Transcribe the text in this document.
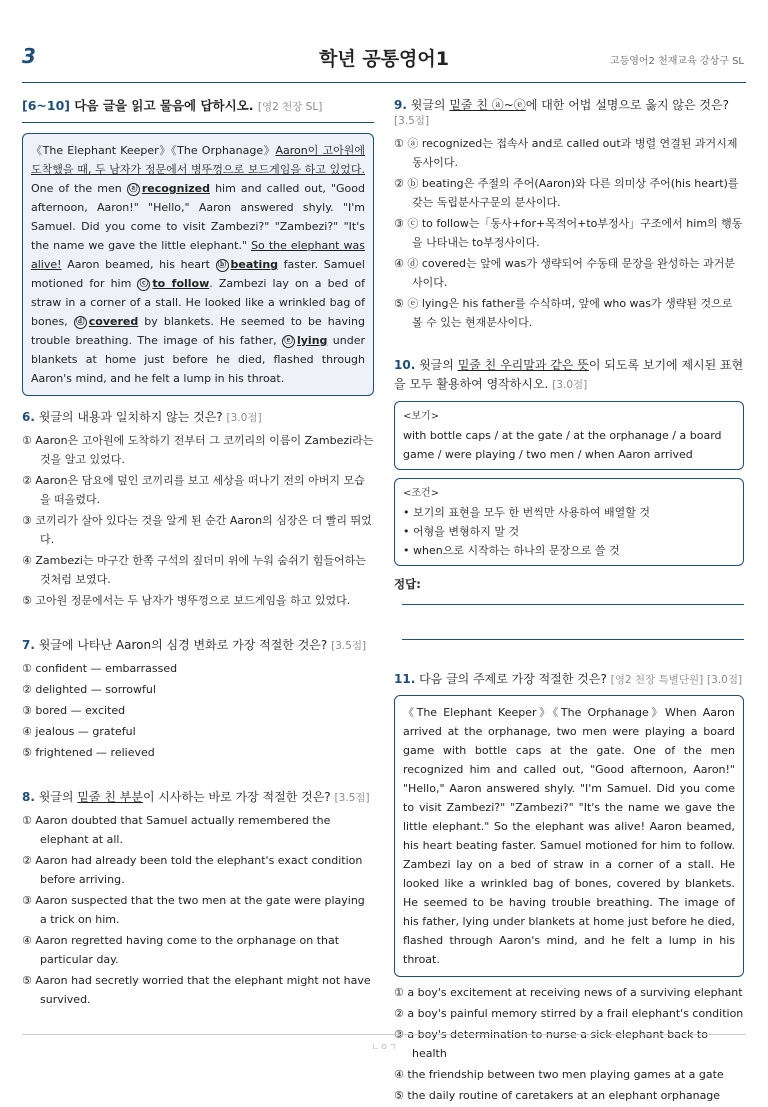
3	학년 공통영어1	고등영어2 천재교육 강상구 SL
[6~10] 다음 글을 읽고 물음에 답하시오. [영2 천장 SL]
《The Elephant Keeper》《The Orphanage》Aaron이 고아원에 도착했을 때, 두 남자가 정문에서 병뚜껑으로 보드게임을 하고 있었다. One of the men ⓐ recognized him and called out, "Good afternoon, Aaron!" "Hello," Aaron answered shyly. "I'm Samuel. Did you come to visit Zambezi?" "Zambezi?" "It's the name we gave the little elephant." So the elephant was alive! Aaron beamed, his heart ⓑ beating faster. Samuel motioned for him ⓒ to follow. Zambezi lay on a bed of straw in a corner of a stall. He looked like a wrinkled bag of bones, ⓓ covered by blankets. He seemed to be having trouble breathing. The image of his father, ⓔ lying under blankets at home just before he died, flashed through Aaron's mind, and he felt a lump in his throat.
6. 윗글의 내용과 일치하지 않는 것은? [3.0점]
① Aaron은 고아원에 도착하기 전부터 그 코끼리의 이름이 Zambezi라는 것을 알고 있었다.
② Aaron은 담요에 덮인 코끼리를 보고 세상을 떠나기 전의 아버지 모습을 떠올렸다.
③ 코끼리가 살아 있다는 것을 알게 된 순간 Aaron의 심장은 더 빨리 뛰었다.
④ Zambezi는 마구간 한쪽 구석의 짚더미 위에 누워 숨쉬기 힘들어하는 것처럼 보였다.
⑤ 고아원 정문에서는 두 남자가 병뚜껑으로 보드게임을 하고 있었다.
7. 윗글에 나타난 Aaron의 심경 변화로 가장 적절한 것은? [3.5점]
① confident — embarrassed
② delighted — sorrowful
③ bored — excited
④ jealous — grateful
⑤ frightened — relieved
8. 윗글의 밑줄 친 부분이 시사하는 바로 가장 적절한 것은? [3.5점]
① Aaron doubted that Samuel actually remembered the elephant at all.
② Aaron had already been told the elephant's exact condition before arriving.
③ Aaron suspected that the two men at the gate were playing a trick on him.
④ Aaron regretted having come to the orphanage on that particular day.
⑤ Aaron had secretly worried that the elephant might not have survived.
9. 윗글의 밑줄 친 ⓐ~ⓔ에 대한 어법 설명으로 옳지 않은 것은? [3.5점]
① ⓐ recognized는 접속사 and로 called out과 병렬 연결된 과거시제 동사이다.
② ⓑ beating은 주절의 주어(Aaron)와 다른 의미상 주어(his heart)를 갖는 독립분사구문의 분사이다.
③ ⓒ to follow는「동사+for+목적어+to부정사」구조에서 him의 행동을 나타내는 to부정사이다.
④ ⓓ covered는 앞에 was가 생략되어 수동태 문장을 완성하는 과거분사이다.
⑤ ⓔ lying은 his father를 수식하며, 앞에 who was가 생략된 것으로 볼 수 있는 현재분사이다.
10. 윗글의 밑줄 친 우리말과 같은 뜻이 되도록 보기에 제시된 표현을 모두 활용하여 영작하시오. [3.0점]
<보기>
with bottle caps / at the gate / at the orphanage / a board game / were playing / two men / when Aaron arrived
<조건>
• 보기의 표현을 모두 한 번씩만 사용하여 배열할 것
• 어형을 변형하지 말 것
• when으로 시작하는 하나의 문장으로 쓸 것
정답:
11. 다음 글의 주제로 가장 적절한 것은? [영2 천장 특별단원] [3.0점]
《The Elephant Keeper》《The Orphanage》When Aaron arrived at the orphanage, two men were playing a board game with bottle caps at the gate. One of the men recognized him and called out, "Good afternoon, Aaron!" "Hello," Aaron answered shyly. "I'm Samuel. Did you come to visit Zambezi?" "Zambezi?" "It's the name we gave the little elephant." So the elephant was alive! Aaron beamed, his heart beating faster. Samuel motioned for him to follow. Zambezi lay on a bed of straw in a corner of a stall. He looked like a wrinkled bag of bones, covered by blankets. He seemed to be having trouble breathing. The image of his father, lying under blankets at home just before he died, flashed through Aaron's mind, and he felt a lump in his throat.
① a boy's excitement at receiving news of a surviving elephant
② a boy's painful memory stirred by a frail elephant's condition
③ a boy's determination to nurse a sick elephant back to health
④ the friendship between two men playing games at a gate
⑤ the daily routine of caretakers at an elephant orphanage
ㄴㅇㄱ
